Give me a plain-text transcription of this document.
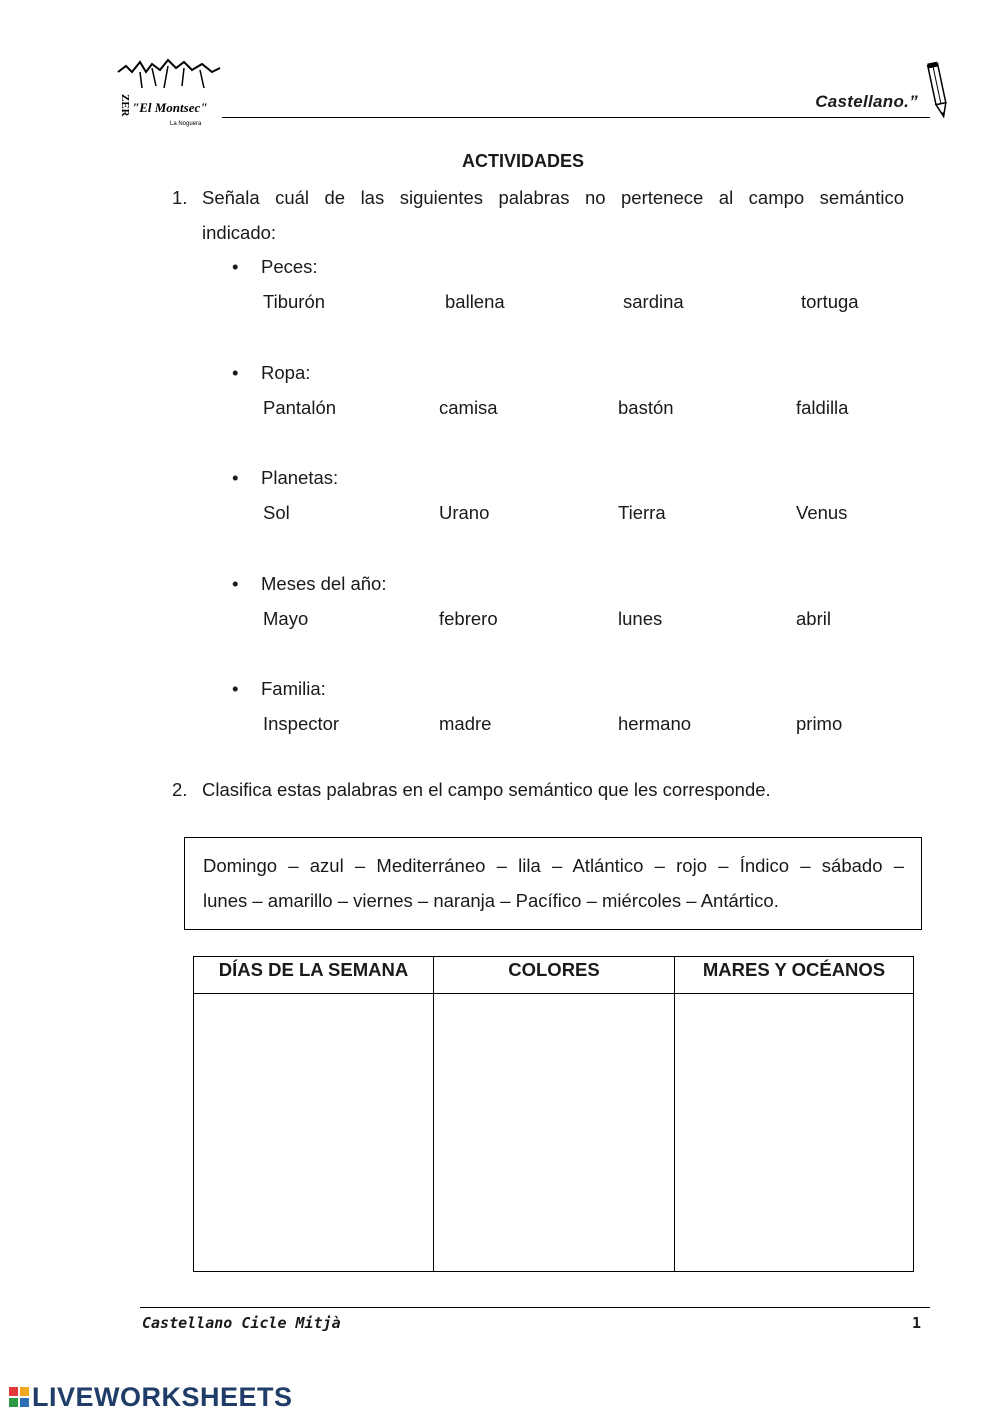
ZER "El Montsec"
La Noguera
Castellano.”
ACTIVIDADES
1. Señala cuál de las siguientes palabras no pertenece al campo semántico
indicado:
• Peces:
Tiburón	ballena	sardina	tortuga
• Ropa:
Pantalón	camisa	bastón	faldilla
• Planetas:
Sol	Urano	Tierra	Venus
• Meses del año:
Mayo	febrero	lunes	abril
• Familia:
Inspector	madre	hermano	primo
2. Clasifica estas palabras en el campo semántico que les corresponde.
Domingo – azul – Mediterráneo – lila – Atlántico – rojo – Índico – sábado –
lunes – amarillo – viernes – naranja – Pacífico – miércoles – Antártico.
DÍAS DE LA SEMANA	COLORES	MARES Y OCÉANOS

Castellano Cicle Mitjà	1
LIVEWORKSHEETS
